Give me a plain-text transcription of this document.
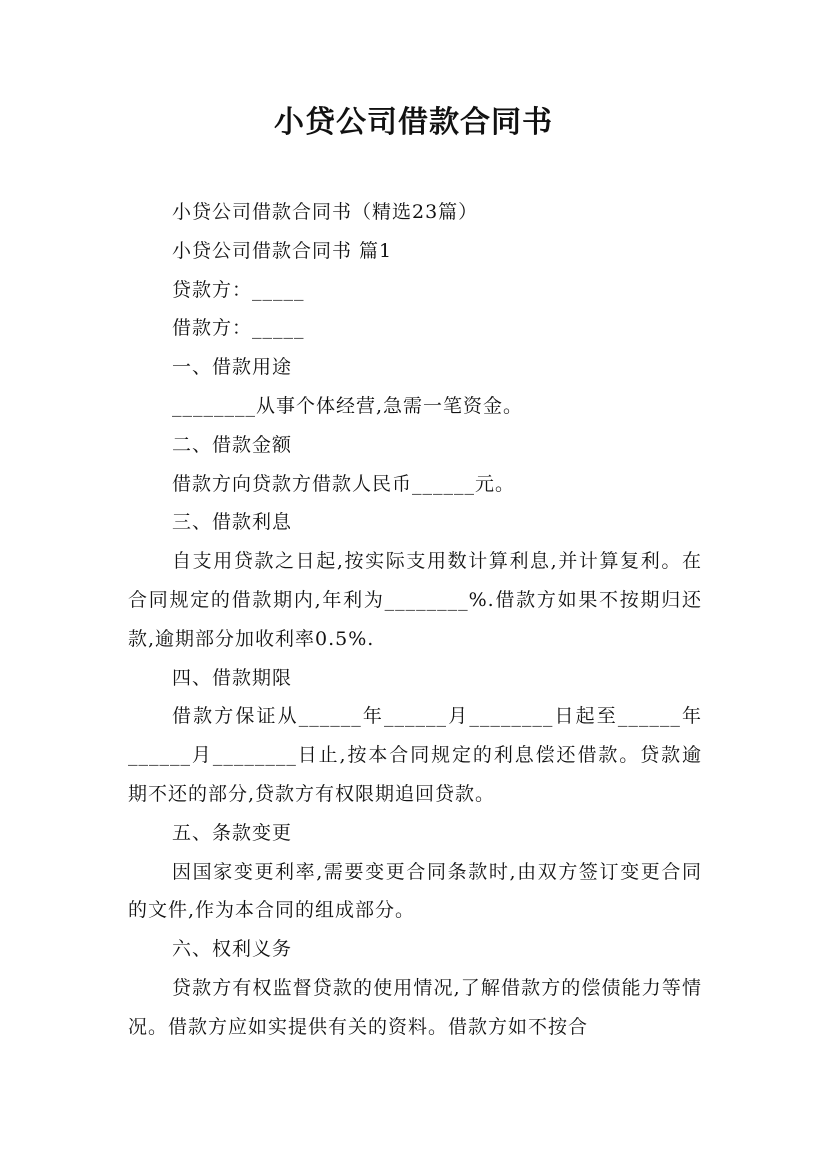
小贷公司借款合同书

小贷公司借款合同书（精选23篇）

小贷公司借款合同书 篇1

贷款方：_____

借款方：_____

一、借款用途

________从事个体经营,急需一笔资金。

二、借款金额

借款方向贷款方借款人民币______元。

三、借款利息

自支用贷款之日起,按实际支用数计算利息,并计算复利。在合同规定的借款期内,年利为________%.借款方如果不按期归还款,逾期部分加收利率0.5%.

四、借款期限

借款方保证从______年______月________日起至______年______月________日止,按本合同规定的利息偿还借款。贷款逾期不还的部分,贷款方有权限期追回贷款。

五、条款变更

因国家变更利率,需要变更合同条款时,由双方签订变更合同的文件,作为本合同的组成部分。

六、权利义务

贷款方有权监督贷款的使用情况,了解借款方的偿债能力等情况。借款方应如实提供有关的资料。借款方如不按合
